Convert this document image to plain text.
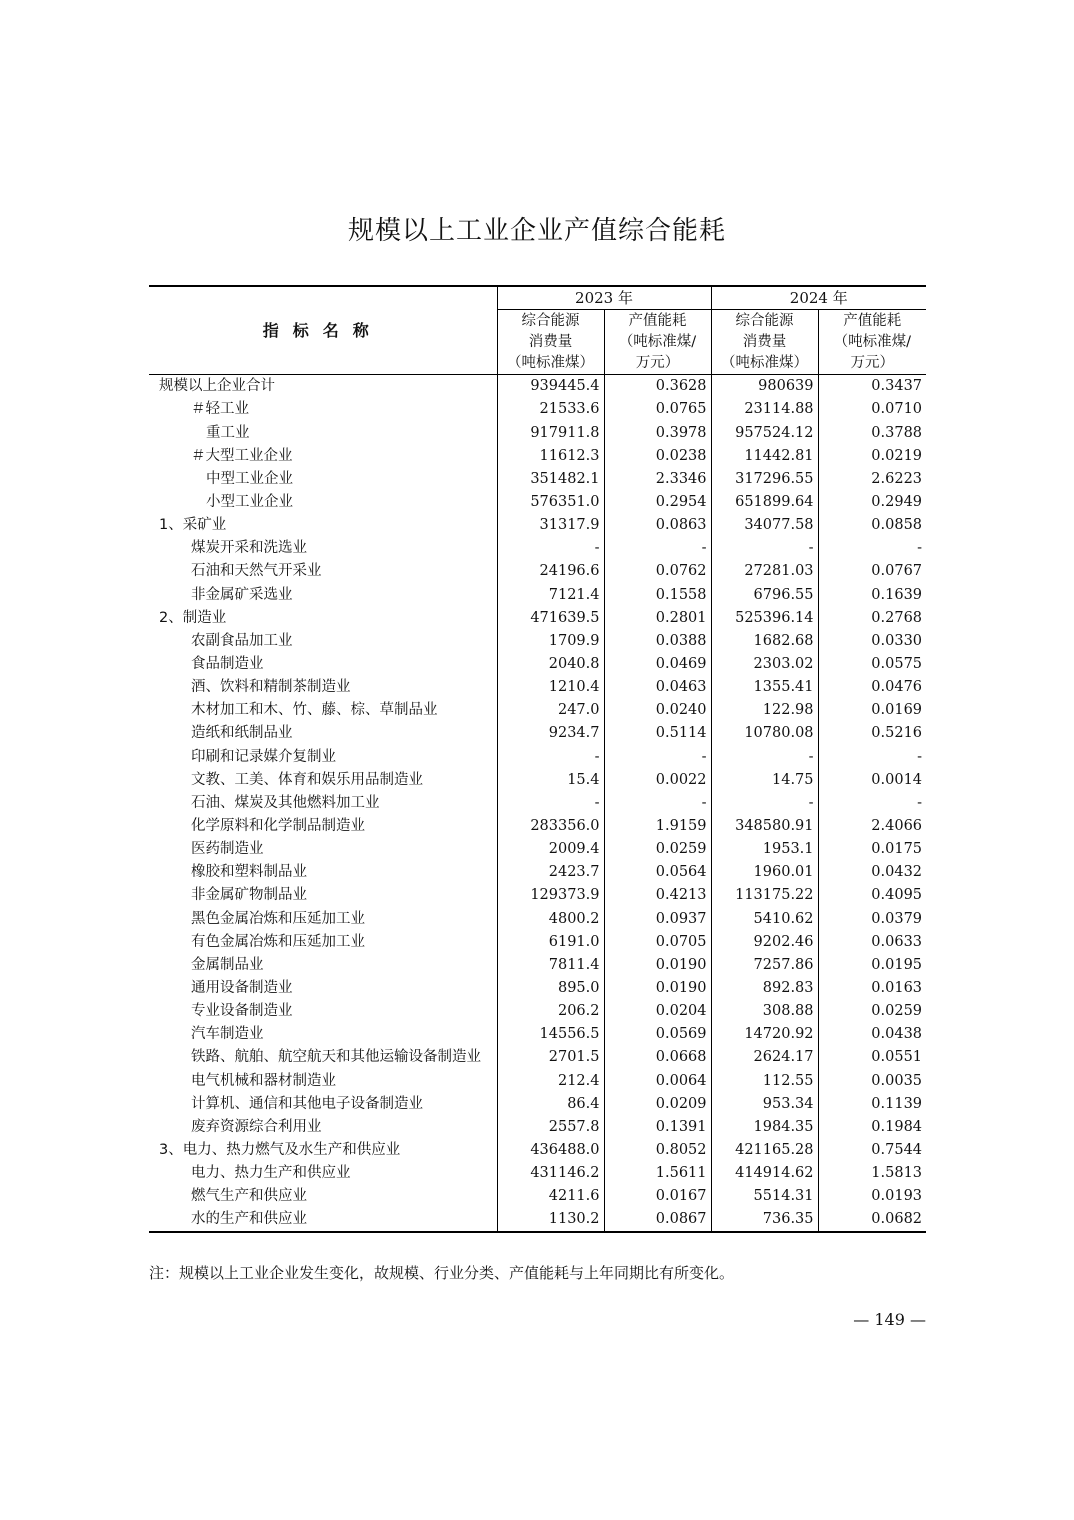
规模以上工业企业产值综合能耗
指标名称	2023 年		2024 年	
	综合能源
消费量
（吨标准煤）	产值能耗
（吨标准煤/
万元）	综合能源
消费量
（吨标准煤）	产值能耗
（吨标准煤/
万元）
规模以上企业合计	939445.4	0.3628	980639	0.3437
＃轻工业	21533.6	0.0765	23114.88	0.0710
重工业	917911.8	0.3978	957524.12	0.3788
＃大型工业企业	11612.3	0.0238	11442.81	0.0219
中型工业企业	351482.1	2.3346	317296.55	2.6223
小型工业企业	576351.0	0.2954	651899.64	0.2949
1、采矿业	31317.9	0.0863	34077.58	0.0858
煤炭开采和洗选业	-	-	-	-
石油和天然气开采业	24196.6	0.0762	27281.03	0.0767
非金属矿采选业	7121.4	0.1558	6796.55	0.1639
2、制造业	471639.5	0.2801	525396.14	0.2768
农副食品加工业	1709.9	0.0388	1682.68	0.0330
食品制造业	2040.8	0.0469	2303.02	0.0575
酒、饮料和精制茶制造业	1210.4	0.0463	1355.41	0.0476
木材加工和木、竹、藤、棕、草制品业	247.0	0.0240	122.98	0.0169
造纸和纸制品业	9234.7	0.5114	10780.08	0.5216
印刷和记录媒介复制业	-	-	-	-
文教、工美、体育和娱乐用品制造业	15.4	0.0022	14.75	0.0014
石油、煤炭及其他燃料加工业	-	-	-	-
化学原料和化学制品制造业	283356.0	1.9159	348580.91	2.4066
医药制造业	2009.4	0.0259	1953.1	0.0175
橡胶和塑料制品业	2423.7	0.0564	1960.01	0.0432
非金属矿物制品业	129373.9	0.4213	113175.22	0.4095
黑色金属冶炼和压延加工业	4800.2	0.0937	5410.62	0.0379
有色金属冶炼和压延加工业	6191.0	0.0705	9202.46	0.0633
金属制品业	7811.4	0.0190	7257.86	0.0195
通用设备制造业	895.0	0.0190	892.83	0.0163
专业设备制造业	206.2	0.0204	308.88	0.0259
汽车制造业	14556.5	0.0569	14720.92	0.0438
铁路、航舶、航空航天和其他运输设备制造业	2701.5	0.0668	2624.17	0.0551
电气机械和器材制造业	212.4	0.0064	112.55	0.0035
计算机、通信和其他电子设备制造业	86.4	0.0209	953.34	0.1139
废弃资源综合利用业	2557.8	0.1391	1984.35	0.1984
3、电力、热力燃气及水生产和供应业	436488.0	0.8052	421165.28	0.7544
电力、热力生产和供应业	431146.2	1.5611	414914.62	1.5813
燃气生产和供应业	4211.6	0.0167	5514.31	0.0193
水的生产和供应业	1130.2	0.0867	736.35	0.0682
注：规模以上工业企业发生变化，故规模、行业分类、产值能耗与上年同期比有所变化。
— 149 —
